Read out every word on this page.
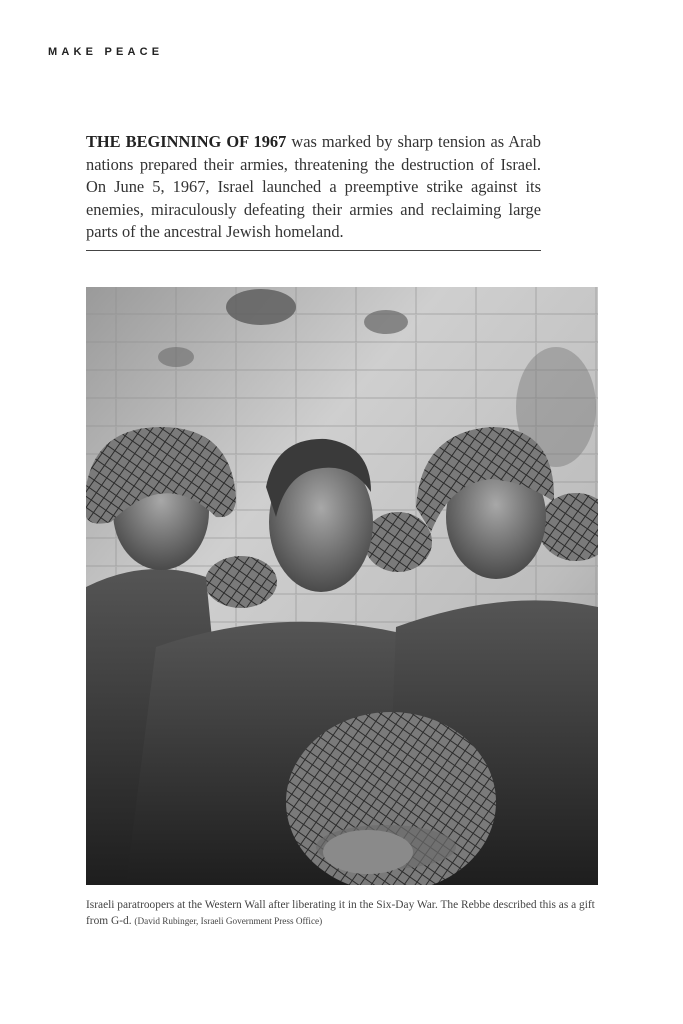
MAKE PEACE

THE BEGINNING OF 1967 was marked by sharp tension as Arab nations prepared their armies, threatening the destruction of Israel. On June 5, 1967, Israel launched a preemptive strike against its enemies, miraculously defeating their armies and reclaiming large parts of the ancestral Jewish homeland.

Israeli paratroopers at the Western Wall after liberating it in the Six-Day War. The Rebbe described this as a gift from G-d. (David Rubinger, Israeli Government Press Office)
